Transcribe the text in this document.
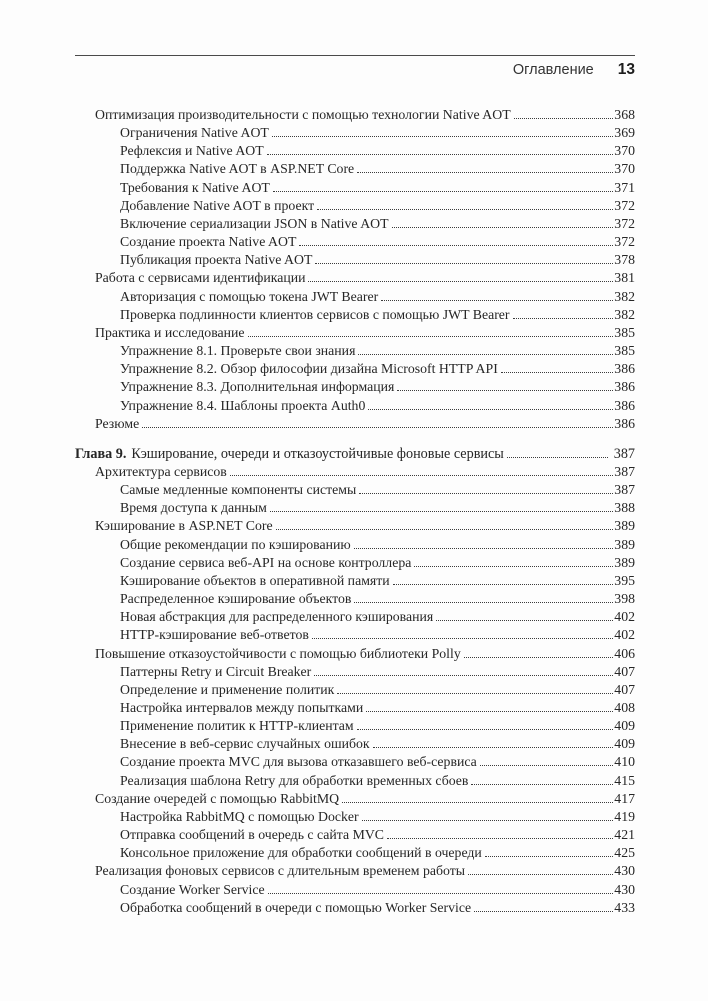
Оглавление 13
Оптимизация производительности с помощью технологии Native AOT	368
Ограничения Native AOT	369
Рефлексия и Native AOT	370
Поддержка Native AOT в ASP.NET Core	370
Требования к Native AOT	371
Добавление Native AOT в проект	372
Включение сериализации JSON в Native AOT	372
Создание проекта Native AOT	372
Публикация проекта Native AOT	378
Работа с сервисами идентификации	381
Авторизация с помощью токена JWT Bearer	382
Проверка подлинности клиентов сервисов с помощью JWT Bearer	382
Практика и исследование	385
Упражнение 8.1. Проверьте свои знания	385
Упражнение 8.2. Обзор философии дизайна Microsoft HTTP API	386
Упражнение 8.3. Дополнительная информация	386
Упражнение 8.4. Шаблоны проекта Auth0	386
Резюме	386
Глава 9. Кэширование, очереди и отказоустойчивые фоновые сервисы	387
Архитектура сервисов	387
Самые медленные компоненты системы	387
Время доступа к данным	388
Кэширование в ASP.NET Core	389
Общие рекомендации по кэшированию	389
Создание сервиса веб-API на основе контроллера	389
Кэширование объектов в оперативной памяти	395
Распределенное кэширование объектов	398
Новая абстракция для распределенного кэширования	402
HTTP-кэширование веб-ответов	402
Повышение отказоустойчивости с помощью библиотеки Polly	406
Паттерны Retry и Circuit Breaker	407
Определение и применение политик	407
Настройка интервалов между попытками	408
Применение политик к HTTP-клиентам	409
Внесение в веб-сервис случайных ошибок	409
Создание проекта MVC для вызова отказавшего веб-сервиса	410
Реализация шаблона Retry для обработки временных сбоев	415
Создание очередей с помощью RabbitMQ	417
Настройка RabbitMQ с помощью Docker	419
Отправка сообщений в очередь с сайта MVC	421
Консольное приложение для обработки сообщений в очереди	425
Реализация фоновых сервисов с длительным временем работы	430
Создание Worker Service	430
Обработка сообщений в очереди с помощью Worker Service	433
